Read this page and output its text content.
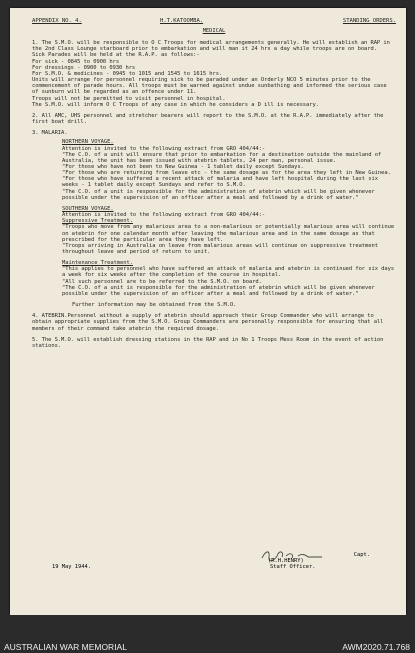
APPENDIX NO. 4.	H.T.KATOOMBA.	STANDING ORDERS.
MEDICAL
1. The S.M.O. will be responsible to O C Troops for medical arrangements generally. He will establish an RAP in the 2nd Class Lounge starboard prior to embarkation and will man it 24 hrs a day while troops are on board.
Sick Parades will be held at the R.A.P. as follows:-
For sick - 0845 to 0900 hrs
For dressings - 0900 to 0930 hrs
For S.M.O. & medicines - 0945 to 1015 and 1545 to 1615 hrs.
Units will arrange for personnel requiring sick to be paraded under an Orderly NCO 5 minutes prior to the commencement of parade hours. All troops must be warned against undue sunbathing and informed the serious case of sunburn will be regarded as an offence under 11.
Troops will not be permitted to visit personnel in hospital.
The S.M.O. will inform O C Troops of any case in which he considers a D ill is necessary.
2. All AMC, UHS personnel and stretcher bearers will report to the S.M.O. at the R.A.P. immediately after the first boat drill.
3. MALARIA.
NORTHERN VOYAGE.
Attention is invited to the following extract from GRO 404/44:-
"The C.O. of a unit will ensure that prior to embarkation for a destination outside the mainland of Australia, the unit has been issued with atebrin tablets, 24 per man, personal issue.
"For those who have not been to New Guinea - 1 tablet daily except Sundays.
"For those who are returning from leave etc - the same dosage as for the area they left in New Guinea.
"For those who have suffered a recent attack of malaria and have left hospital during the last six weeks - 1 tablet daily except Sundays and refer to S.M.O.
"The C.O. of a unit is responsible for the administration of atebrin which will be given whenever possible under the supervision of an officer after a meal and followed by a drink of water."
SOUTHERN VOYAGE.
Attention is invited to the following extract from GRO 404/44:-
Suppressive Treatment.
"Troops who move from any malarious area to a non-malarious or potentially malarious area will continue on atebrin for one calendar month after leaving the malarious area and in the same dosage as that prescribed for the particular area they have left.
"Troops arriving in Australia on leave from malarious areas will continue on suppressive treatment throughout leave and period of return to unit.
Maintenance Treatment.
"This applies to personnel who have suffered an attack of malaria and atebrin is continued for six days a week for six weeks after the completion of the course in hospital.
"All such personnel are to be referred to the S.M.O. on board.
"The C.O. of a unit is responsible for the administration of atebrin which will be given whenever possible under the supervision of an officer after a meal and followed by a drink of water."
Further information may be obtained from the S.M.O.
4. ATEBRIN.Personnel without a supply of atebrin should approach their Group Commander who will arrange to obtain appropriate supplies from the S.M.O. Group Commanders are personally responsible for ensuring that all members of their command take atebrin the required dosage.
5. The S.M.O. will establish dressing stations in the RAP and in No 1 Troops Mess Room in the event of action stations.
Capt.
(R.H.HENRY)
Staff Officer.
19 May 1944.
AUSTRALIAN WAR MEMORIAL	AWM2020.71.768
